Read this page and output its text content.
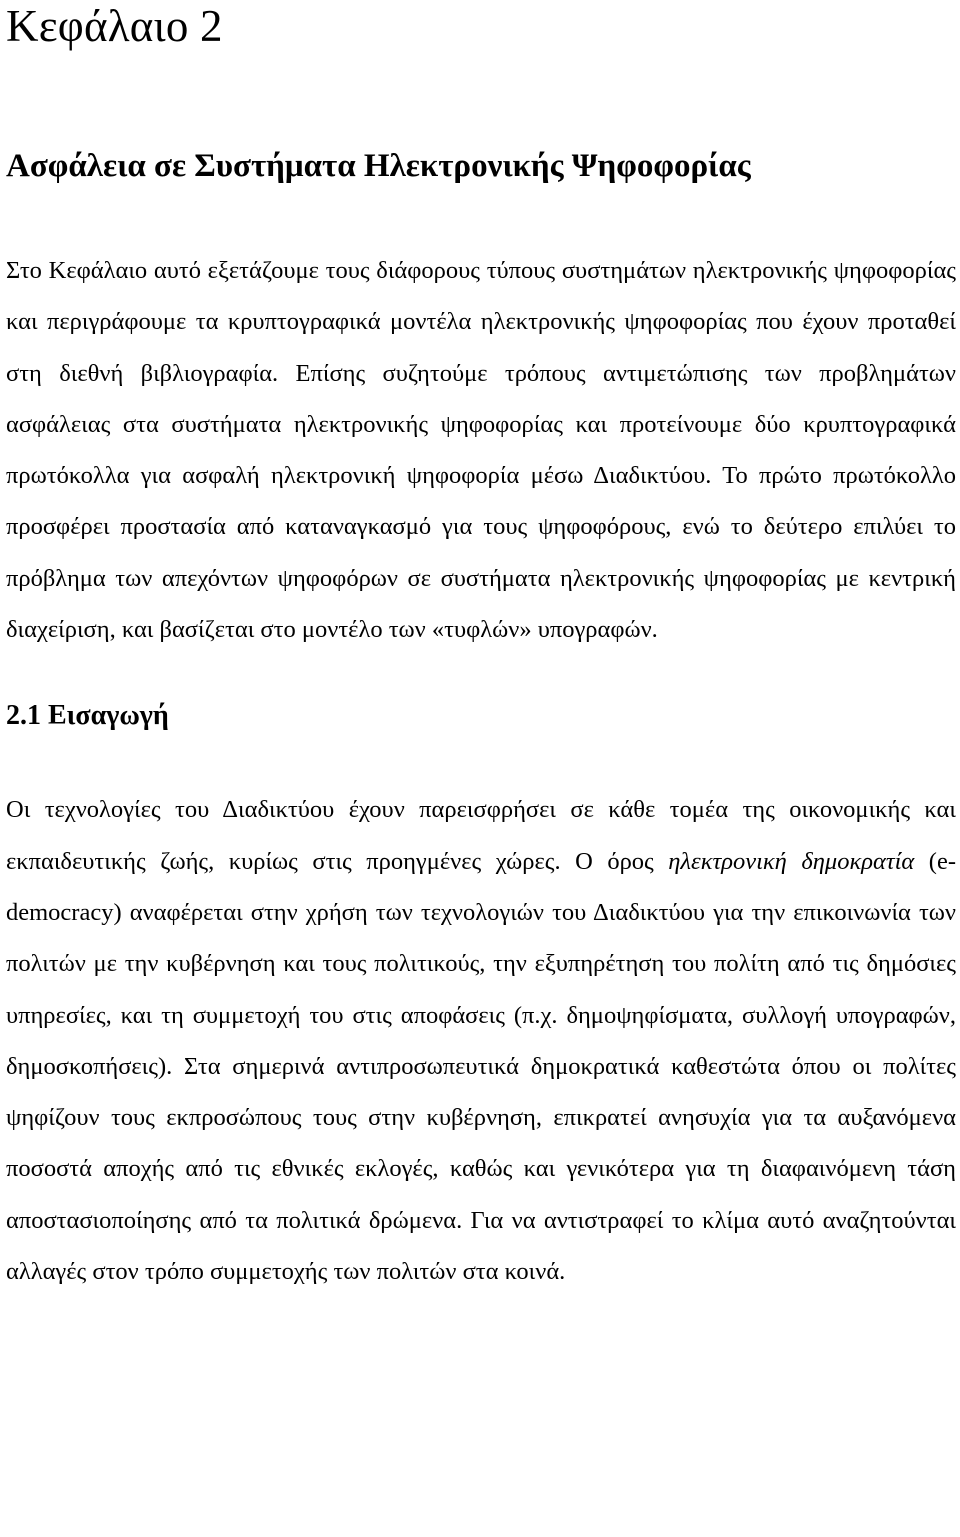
Κεφάλαιο 2
Ασφάλεια σε Συστήματα Ηλεκτρονικής Ψηφοφορίας

Στο Κεφάλαιο αυτό εξετάζουμε τους διάφορους τύπους συστημάτων ηλεκτρονικής ψηφοφορίας και περιγράφουμε τα κρυπτογραφικά μοντέλα ηλεκτρονικής ψηφοφορίας που έχουν προταθεί στη διεθνή βιβλιογραφία. Επίσης συζητούμε τρόπους αντιμετώπισης των προβλημάτων ασφάλειας στα συστήματα ηλεκτρονικής ψηφοφορίας και προτείνουμε δύο κρυπτογραφικά πρωτόκολλα για ασφαλή ηλεκτρονική ψηφοφορία μέσω Διαδικτύου. Το πρώτο πρωτόκολλο προσφέρει προστασία από καταναγκασμό για τους ψηφοφόρους, ενώ το δεύτερο επιλύει το πρόβλημα των απεχόντων ψηφοφόρων σε συστήματα ηλεκτρονικής ψηφοφορίας με κεντρική διαχείριση, και βασίζεται στο μοντέλο των «τυφλών» υπογραφών.

2.1 Εισαγωγή

Οι τεχνολογίες του Διαδικτύου έχουν παρεισφρήσει σε κάθε τομέα της οικονομικής και εκπαιδευτικής ζωής, κυρίως στις προηγμένες χώρες. Ο όρος ηλεκτρονική δημοκρατία (e-democracy) αναφέρεται στην χρήση των τεχνολογιών του Διαδικτύου για την επικοινωνία των πολιτών με την κυβέρνηση και τους πολιτικούς, την εξυπηρέτηση του πολίτη από τις δημόσιες υπηρεσίες, και τη συμμετοχή του στις αποφάσεις (π.χ. δημοψηφίσματα, συλλογή υπογραφών, δημοσκοπήσεις). Στα σημερινά αντιπροσωπευτικά δημοκρατικά καθεστώτα όπου οι πολίτες ψηφίζουν τους εκπροσώπους τους στην κυβέρνηση, επικρατεί ανησυχία για τα αυξανόμενα ποσοστά αποχής από τις εθνικές εκλογές, καθώς και γενικότερα για τη διαφαινόμενη τάση αποστασιοποίησης από τα πολιτικά δρώμενα. Για να αντιστραφεί το κλίμα αυτό αναζητούνται αλλαγές στον τρόπο συμμετοχής των πολιτών στα κοινά.
